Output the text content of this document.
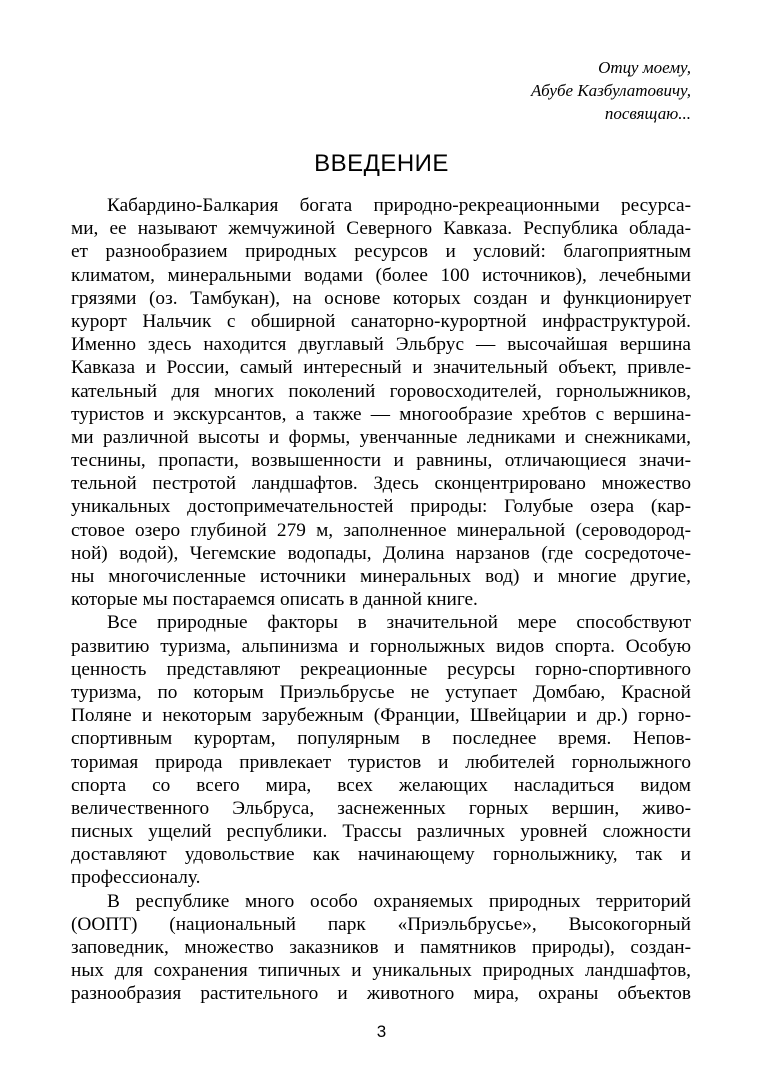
Отцу моему,
Абубе Казбулатовичу,
посвящаю...
ВВЕДЕНИЕ
Кабардино-Балкария богата природно-рекреационными ресурса-
ми, ее называют жемчужиной Северного Кавказа. Республика облада-
ет разнообразием природных ресурсов и условий: благоприятным
климатом, минеральными водами (более 100 источников), лечебными
грязями (оз. Тамбукан), на основе которых создан и функционирует
курорт Нальчик с обширной санаторно-курортной инфраструктурой.
Именно здесь находится двуглавый Эльбрус — высочайшая вершина
Кавказа и России, самый интересный и значительный объект, привле-
кательный для многих поколений горовосходителей, горнолыжников,
туристов и экскурсантов, а также — многообразие хребтов с вершина-
ми различной высоты и формы, увенчанные ледниками и снежниками,
теснины, пропасти, возвышенности и равнины, отличающиеся значи-
тельной пестротой ландшафтов. Здесь сконцентрировано множество
уникальных достопримечательностей природы: Голубые озера (кар-
стовое озеро глубиной 279 м, заполненное минеральной (сероводород-
ной) водой), Чегемские водопады, Долина нарзанов (где сосредоточе-
ны многочисленные источники минеральных вод) и многие другие,
которые мы постараемся описать в данной книге.
Все природные факторы в значительной мере способствуют
развитию туризма, альпинизма и горнолыжных видов спорта. Особую
ценность представляют рекреационные ресурсы горно-спортивного
туризма, по которым Приэльбрусье не уступает Домбаю, Красной
Поляне и некоторым зарубежным (Франции, Швейцарии и др.) горно-
спортивным курортам, популярным в последнее время. Непов-
торимая природа привлекает туристов и любителей горнолыжного
спорта со всего мира, всех желающих насладиться видом
величественного Эльбруса, заснеженных горных вершин, живо-
писных ущелий республики. Трассы различных уровней сложности
доставляют удовольствие как начинающему горнолыжнику, так и
профессионалу.
В республике много особо охраняемых природных территорий
(ООПТ) (национальный парк «Приэльбрусье», Высокогорный
заповедник, множество заказников и памятников природы), создан-
ных для сохранения типичных и уникальных природных ландшафтов,
разнообразия растительного и животного мира, охраны объектов
3
